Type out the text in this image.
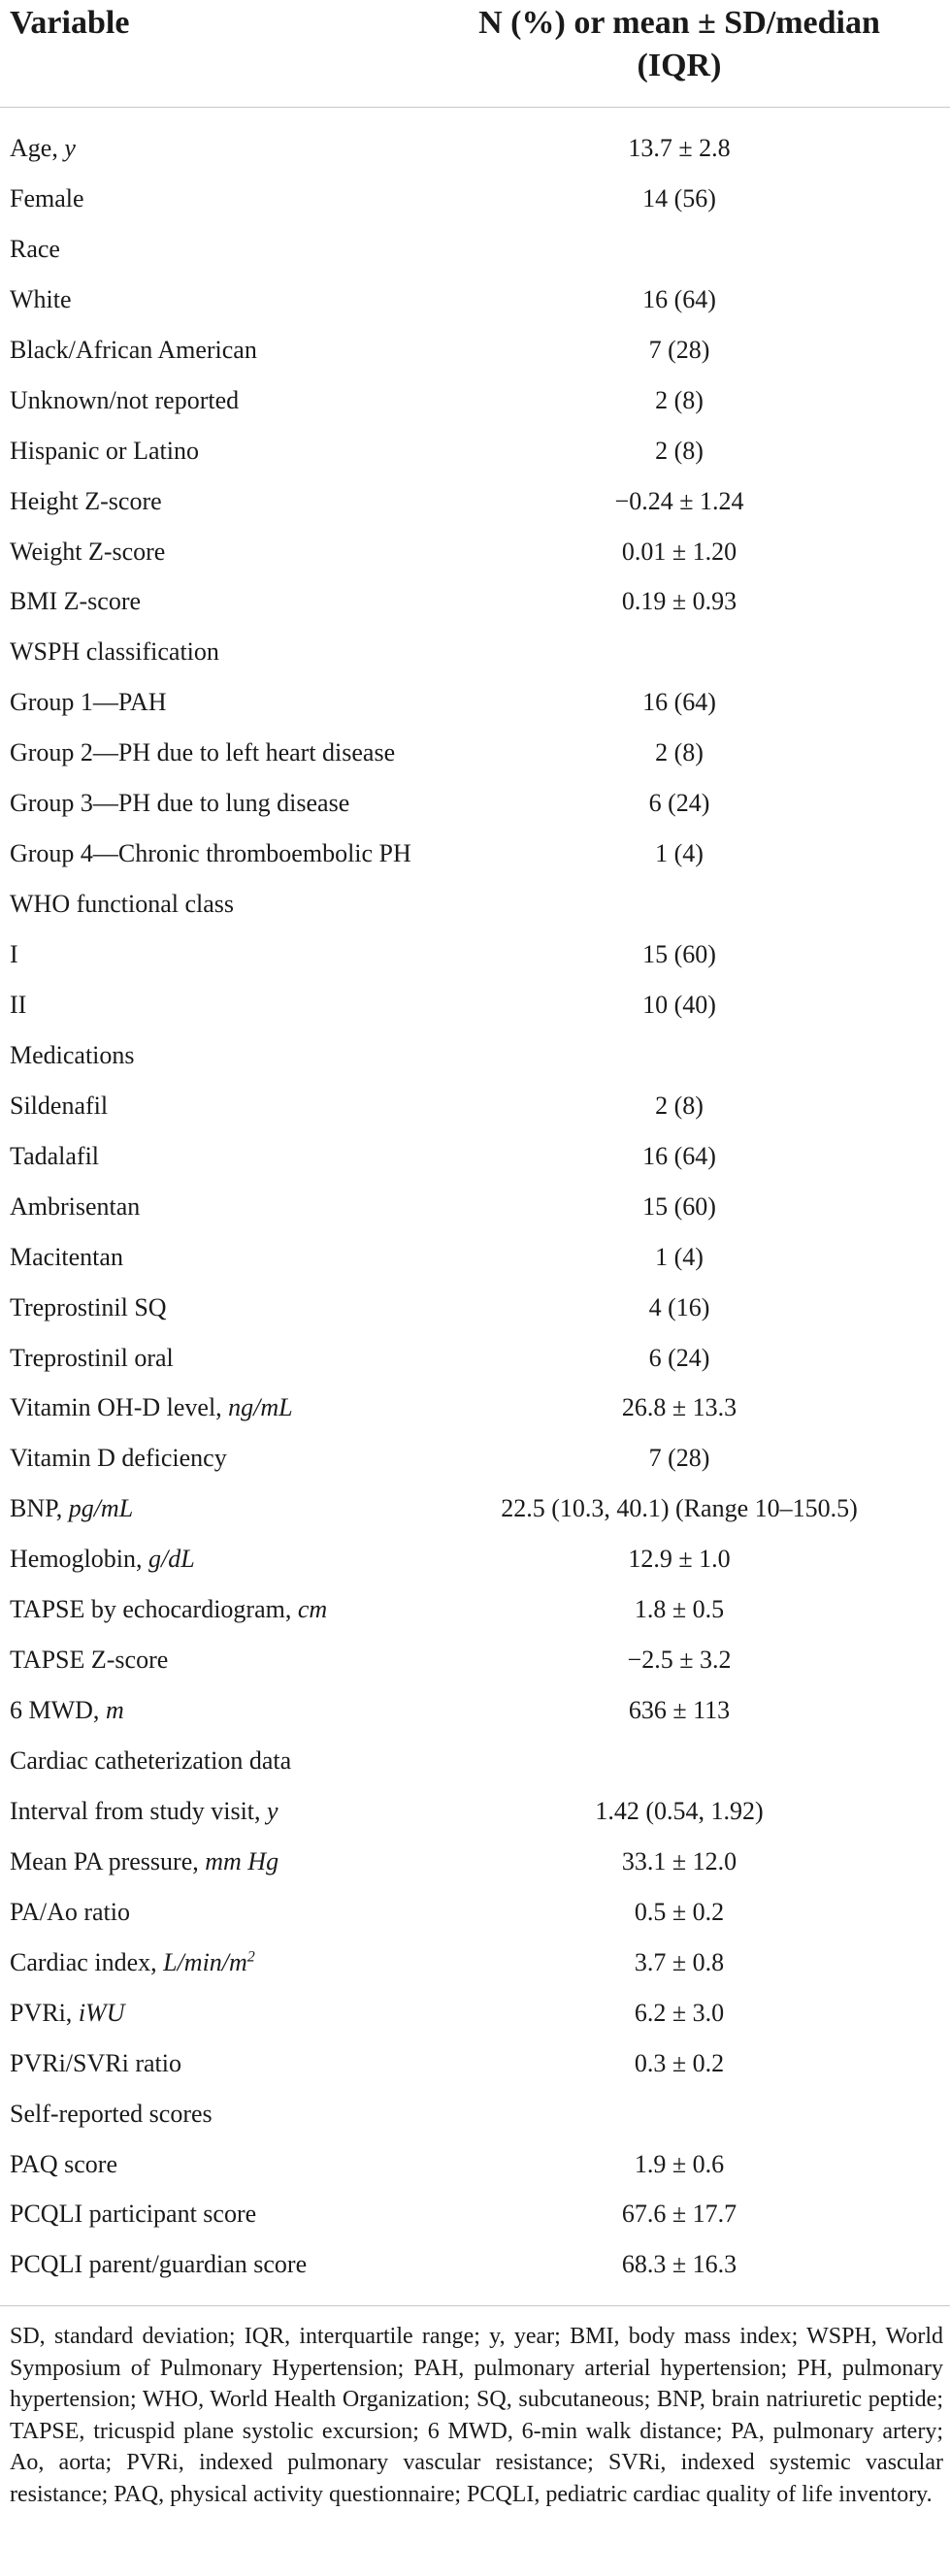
Variable	N (%) or mean ± SD/median
(IQR)
Age, y	13.7 ± 2.8
Female	14 (56)
Race
White	16 (64)
Black/African American	7 (28)
Unknown/not reported	2 (8)
Hispanic or Latino	2 (8)
Height Z-score	−0.24 ± 1.24
Weight Z-score	0.01 ± 1.20
BMI Z-score	0.19 ± 0.93
WSPH classification
Group 1—PAH	16 (64)
Group 2—PH due to left heart disease	2 (8)
Group 3—PH due to lung disease	6 (24)
Group 4—Chronic thromboembolic PH	1 (4)
WHO functional class
I	15 (60)
II	10 (40)
Medications
Sildenafil	2 (8)
Tadalafil	16 (64)
Ambrisentan	15 (60)
Macitentan	1 (4)
Treprostinil SQ	4 (16)
Treprostinil oral	6 (24)
Vitamin OH-D level, ng/mL	26.8 ± 13.3
Vitamin D deficiency	7 (28)
BNP, pg/mL	22.5 (10.3, 40.1) (Range 10–150.5)
Hemoglobin, g/dL	12.9 ± 1.0
TAPSE by echocardiogram, cm	1.8 ± 0.5
TAPSE Z-score	−2.5 ± 3.2
6 MWD, m	636 ± 113
Cardiac catheterization data
Interval from study visit, y	1.42 (0.54, 1.92)
Mean PA pressure, mm Hg	33.1 ± 12.0
PA/Ao ratio	0.5 ± 0.2
Cardiac index, $L/\min/m^2$	3.7 ± 0.8
PVRi, iWU	6.2 ± 3.0
PVRi/SVRi ratio	0.3 ± 0.2
Self-reported scores
PAQ score	1.9 ± 0.6
PCQLI participant score	67.6 ± 17.7
PCQLI parent/guardian score	68.3 ± 16.3
SD, standard deviation; IQR, interquartile range; y, year; BMI, body mass index; WSPH, World Symposium of Pulmonary Hypertension; PAH, pulmonary arterial hypertension; PH, pulmonary hypertension; WHO, World Health Organization; SQ, subcutaneous; BNP, brain natriuretic peptide; TAPSE, tricuspid plane systolic excursion; 6 MWD, 6-min walk distance; PA, pulmonary artery; Ao, aorta; PVRi, indexed pulmonary vascular resistance; SVRi, indexed systemic vascular resistance; PAQ, physical activity questionnaire; PCQLI, pediatric cardiac quality of life inventory.
